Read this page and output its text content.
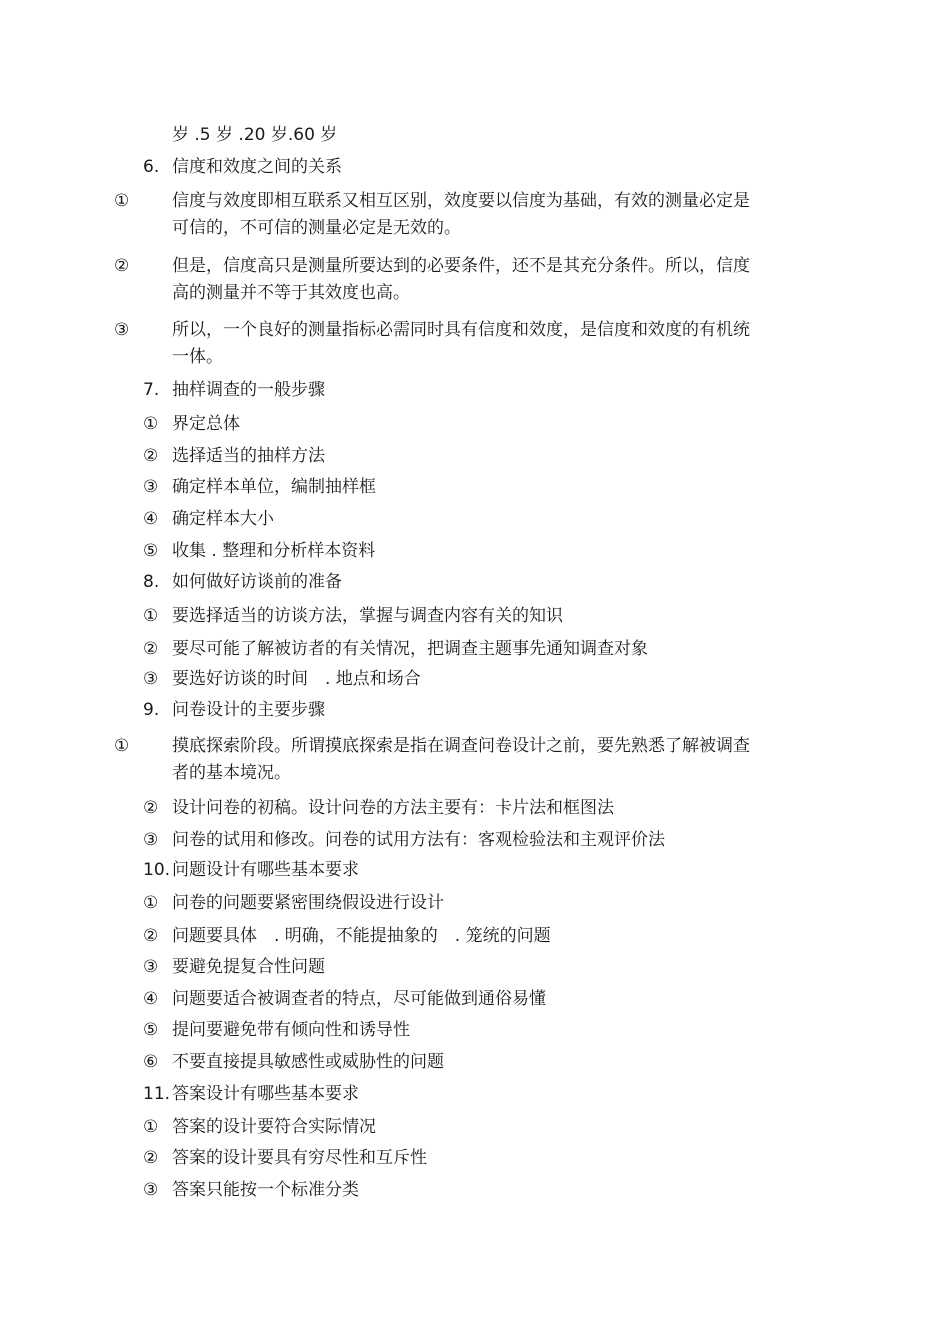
岁 .5 岁 .20 岁.60 岁
6. 信度和效度之间的关系
①	信度与效度即相互联系又相互区别，效度要以信度为基础，有效的测量必定是可信的，不可信的测量必定是无效的。
②	但是，信度高只是测量所要达到的必要条件，还不是其充分条件。所以，信度高的测量并不等于其效度也高。
③	所以，一个良好的测量指标必需同时具有信度和效度，是信度和效度的有机统一体。
7. 抽样调查的一般步骤
① 界定总体
② 选择适当的抽样方法
③ 确定样本单位，编制抽样框
④ 确定样本大小
⑤ 收集 . 整理和分析样本资料
8. 如何做好访谈前的准备
① 要选择适当的访谈方法，掌握与调查内容有关的知识
② 要尽可能了解被访者的有关情况，把调查主题事先通知调查对象
③ 要选好访谈的时间　. 地点和场合
9. 问卷设计的主要步骤
①	摸底探索阶段。所谓摸底探索是指在调查问卷设计之前，要先熟悉了解被调查者的基本境况。
② 设计问卷的初稿。设计问卷的方法主要有：卡片法和框图法
③ 问卷的试用和修改。问卷的试用方法有：客观检验法和主观评价法
10. 问题设计有哪些基本要求
① 问卷的问题要紧密围绕假设进行设计
② 问题要具体　. 明确，不能提抽象的　. 笼统的问题
③ 要避免提复合性问题
④ 问题要适合被调查者的特点，尽可能做到通俗易懂
⑤ 提问要避免带有倾向性和诱导性
⑥ 不要直接提具敏感性或威胁性的问题
11. 答案设计有哪些基本要求
① 答案的设计要符合实际情况
② 答案的设计要具有穷尽性和互斥性
③ 答案只能按一个标准分类
